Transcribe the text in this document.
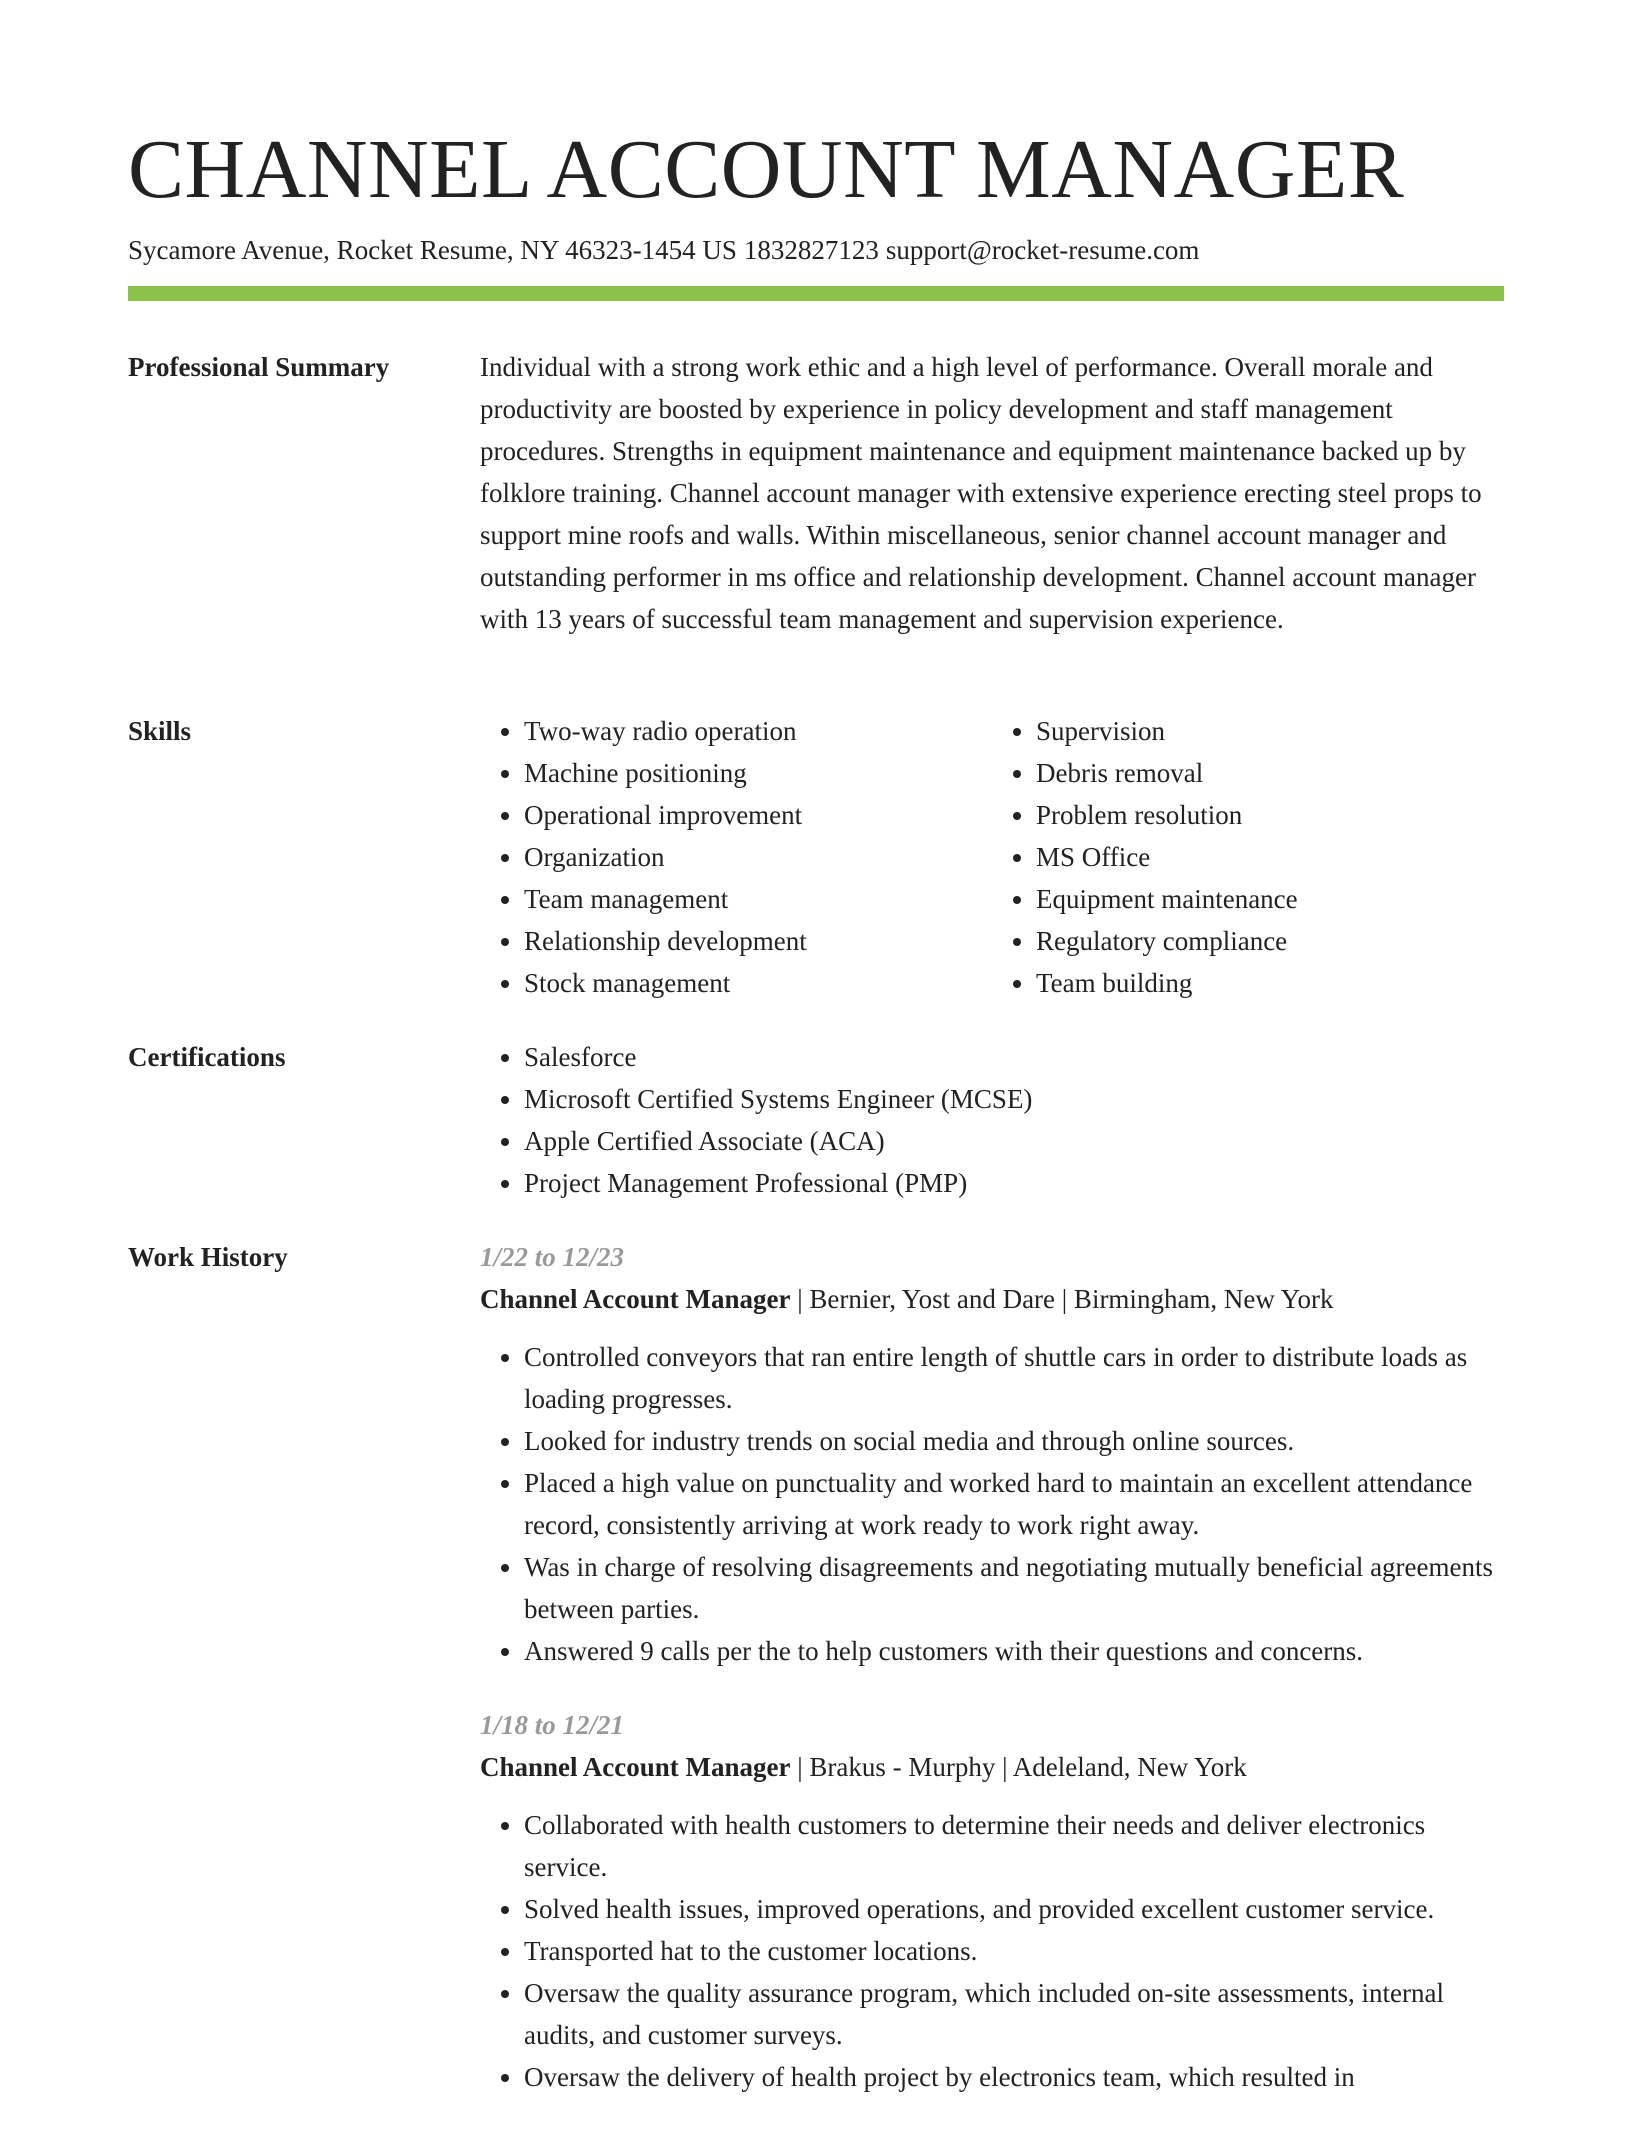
CHANNEL ACCOUNT MANAGER
Sycamore Avenue, Rocket Resume, NY 46323-1454 US 1832827123 support@rocket-resume.com
Professional Summary	Individual with a strong work ethic and a high level of performance. Overall morale and productivity are boosted by experience in policy development and staff management procedures. Strengths in equipment maintenance and equipment maintenance backed up by folklore training. Channel account manager with extensive experience erecting steel props to support mine roofs and walls. Within miscellaneous, senior channel account manager and outstanding performer in ms office and relationship development. Channel account manager with 13 years of successful team management and supervision experience.

Skills	• Two-way radio operation
• Machine positioning
• Operational improvement
• Organization
• Team management
• Relationship development
• Stock management
• Supervision
• Debris removal
• Problem resolution
• MS Office
• Equipment maintenance
• Regulatory compliance
• Team building
Certifications	• Salesforce
• Microsoft Certified Systems Engineer (MCSE)
• Apple Certified Associate (ACA)
• Project Management Professional (PMP)
Work History	1/22 to 12/23
Channel Account Manager | Bernier, Yost and Dare | Birmingham, New York
• Controlled conveyors that ran entire length of shuttle cars in order to distribute loads as loading progresses.
• Looked for industry trends on social media and through online sources.
• Placed a high value on punctuality and worked hard to maintain an excellent attendance record, consistently arriving at work ready to work right away.
• Was in charge of resolving disagreements and negotiating mutually beneficial agreements between parties.
• Answered 9 calls per the to help customers with their questions and concerns.
1/18 to 12/21
Channel Account Manager | Brakus - Murphy | Adeleland, New York
• Collaborated with health customers to determine their needs and deliver electronics service.
• Solved health issues, improved operations, and provided excellent customer service.
• Transported hat to the customer locations.
• Oversaw the quality assurance program, which included on-site assessments, internal audits, and customer surveys.
• Oversaw the delivery of health project by electronics team, which resulted in
